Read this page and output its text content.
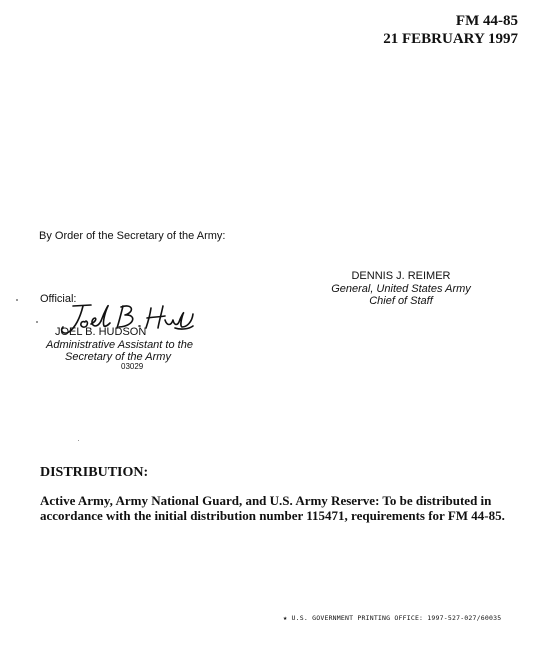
FM 44-85
21 FEBRUARY 1997
By Order of the Secretary of the Army:
DENNIS J. REIMER
General, United States Army
Chief of Staff
Official:
JOEL B. HUDSON
Administrative Assistant to the
Secretary of the Army
03029
DISTRIBUTION:
Active Army, Army National Guard, and U.S. Army Reserve: To be distributed in accordance with the initial distribution number 115471, requirements for FM 44-85.
★ U.S. GOVERNMENT PRINTING OFFICE: 1997-527-027/60035
